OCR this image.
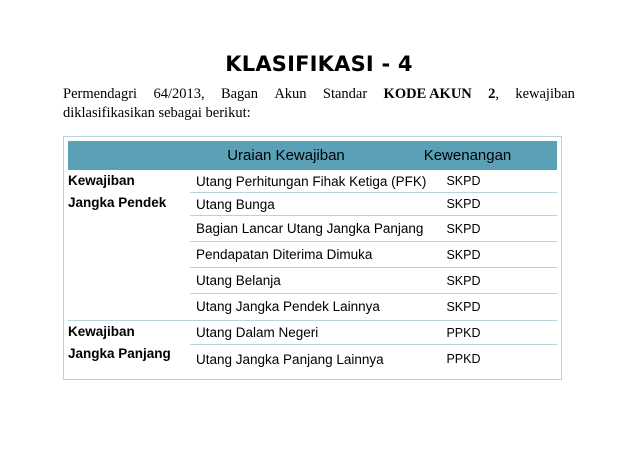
KLASIFIKASI - 4
Permendagri 64/2013, Bagan Akun Standar KODE AKUN 2, kewajiban
diklasifikasikan sebagai berikut:
Uraian Kewajiban	Kewenangan
Kewajiban
Jangka Pendek
Utang Perhitungan Fihak Ketiga (PFK)	SKPD
Utang Bunga	SKPD
Bagian Lancar Utang Jangka Panjang	SKPD
Pendapatan Diterima Dimuka	SKPD
Utang Belanja	SKPD
Utang Jangka Pendek Lainnya	SKPD
Kewajiban
Jangka Panjang
Utang Dalam Negeri	PPKD
Utang Jangka Panjang Lainnya	PPKD
